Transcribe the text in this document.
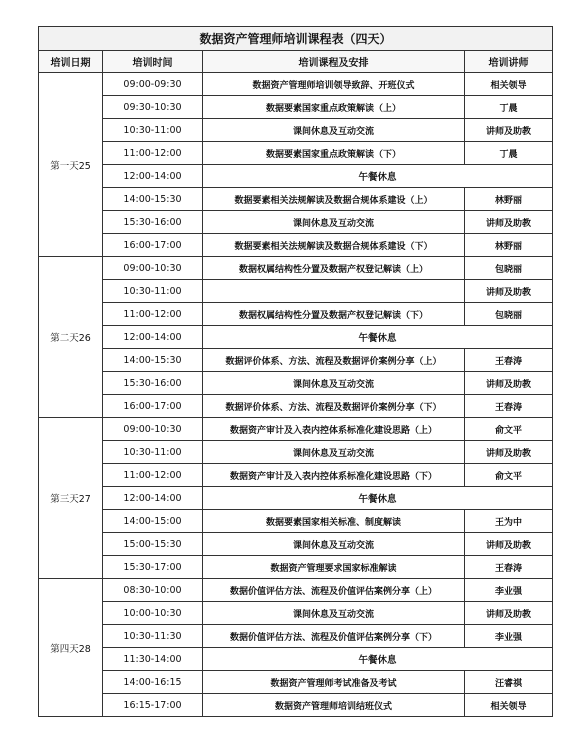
数据资产管理师培训课程表（四天）			
培训日期	培训时间	培训课程及安排	培训讲师
第一天25	09:00-09:30	数据资产管理师培训领导致辞、开班仪式	相关领导
	09:30-10:30	数据要素国家重点政策解读（上）	丁晨
	10:30-11:00	课间休息及互动交流	讲师及助教
	11:00-12:00	数据要素国家重点政策解读（下）	丁晨
	12:00-14:00	午餐休息	
	14:00-15:30	数据要素相关法规解读及数据合规体系建设（上）	林野丽
	15:30-16:00	课间休息及互动交流	讲师及助教
	16:00-17:00	数据要素相关法规解读及数据合规体系建设（下）	林野丽
第二天26	09:00-10:30	数据权属结构性分置及数据产权登记解读（上）	包晓丽
	10:30-11:00		讲师及助教
	11:00-12:00	数据权属结构性分置及数据产权登记解读（下）	包晓丽
	12:00-14:00	午餐休息	
	14:00-15:30	数据评价体系、方法、流程及数据评价案例分享（上）	王春涛
	15:30-16:00	课间休息及互动交流	讲师及助教
	16:00-17:00	数据评价体系、方法、流程及数据评价案例分享（下）	王春涛
第三天27	09:00-10:30	数据资产审计及入表内控体系标准化建设思路（上）	俞文平
	10:30-11:00	课间休息及互动交流	讲师及助教
	11:00-12:00	数据资产审计及入表内控体系标准化建设思路（下）	俞文平
	12:00-14:00	午餐休息	
	14:00-15:00	数据要素国家相关标准、制度解读	王为中
	15:00-15:30	课间休息及互动交流	讲师及助教
	15:30-17:00	数据资产管理要求国家标准解读	王春涛
第四天28	08:30-10:00	数据价值评估方法、流程及价值评估案例分享（上）	李业强
	10:00-10:30	课间休息及互动交流	讲师及助教
	10:30-11:30	数据价值评估方法、流程及价值评估案例分享（下）	李业强
	11:30-14:00	午餐休息	
	14:00-16:15	数据资产管理师考试准备及考试	汪睿祺
	16:15-17:00	数据资产管理师培训结班仪式	相关领导
